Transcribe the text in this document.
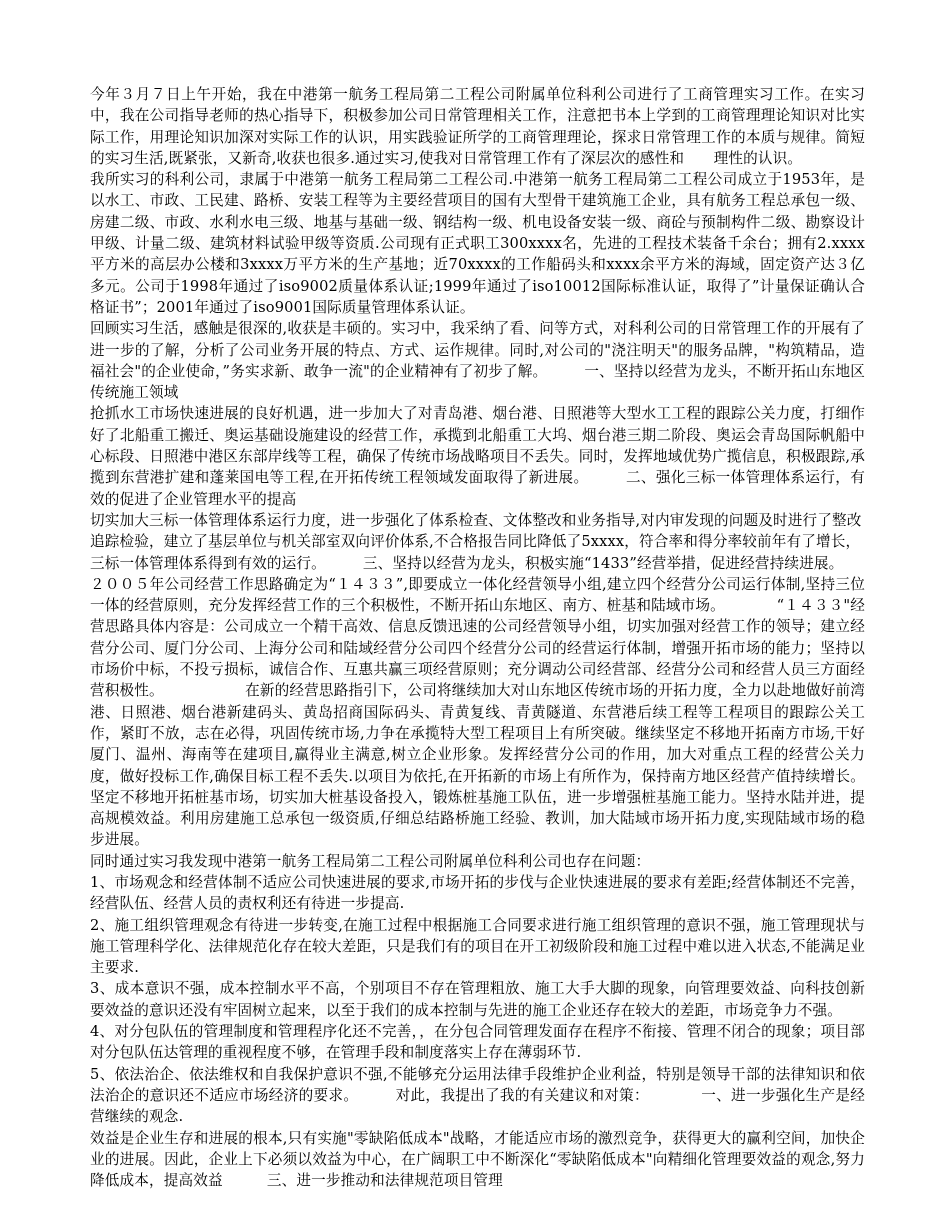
今年３月７日上午开始，我在中港第一航务工程局第二工程公司附属单位科利公司进行了工商管理实习工作。在实习中，我在公司指导老师的热心指导下，积极参加公司日常管理相关工作，注意把书本上学到的工商管理理论知识对比实际工作，用理论知识加深对实际工作的认识，用实践验证所学的工商管理理论，探求日常管理工作的本质与规律。简短的实习生活,既紧张，又新奇,收获也很多.通过实习,使我对日常管理工作有了深层次的感性和　　理性的认识。

我所实习的科利公司，隶属于中港第一航务工程局第二工程公司.中港第一航务工程局第二工程公司成立于1953年，是以水工、市政、工民建、路桥、安装工程等为主要经营项目的国有大型骨干建筑施工企业，具有航务工程总承包一级、房建二级、市政、水利水电三级、地基与基础一级、钢结构一级、机电设备安装一级、商砼与预制构件二级、勘察设计甲级、计量二级、建筑材料试验甲级等资质.公司现有正式职工300xxxx名，先进的工程技术装备千余台；拥有2.xxxx平方米的高层办公楼和3xxxx万平方米的生产基地；近70xxxx的工作船码头和xxxx余平方米的海域，固定资产达３亿多元。公司于1998年通过了iso9002质量体系认证;1999年通过了iso10012国际标准认证，取得了”计量保证确认合格证书”；2001年通过了iso9001国际质量管理体系认证。

回顾实习生活，感触是很深的,收获是丰硕的。实习中，我采纳了看、问等方式，对科利公司的日常管理工作的开展有了进一步的了解，分析了公司业务开展的特点、方式、运作规律。同时,对公司的"浇注明天"的服务品牌，"构筑精品，造福社会"的企业使命，”务实求新、敢争一流"的企业精神有了初步了解。　　　一、坚持以经营为龙头，不断开拓山东地区传统施工领域

抢抓水工市场快速进展的良好机遇，进一步加大了对青岛港、烟台港、日照港等大型水工工程的跟踪公关力度，打细作好了北船重工搬迁、奥运基础设施建设的经营工作，承揽到北船重工大坞、烟台港三期二阶段、奥运会青岛国际帆船中心标段、日照港中港区东部岸线等工程，确保了传统市场战略项目不丢失。同时，发挥地域优势广揽信息，积极跟踪,承揽到东营港扩建和蓬莱国电等工程,在开拓传统工程领域发面取得了新进展。　　　二、强化三标一体管理体系运行，有效的促进了企业管理水平的提高

切实加大三标一体管理体系运行力度，进一步强化了体系检查、文体整改和业务指导,对内审发现的问题及时进行了整改追踪检验，建立了基层单位与机关部室双向评价体系,不合格报告同比降低了5xxxx，符合率和得分率较前年有了增长，三标一体管理体系得到有效的运行。　　　三、坚持以经营为龙头，积极实施“1433”经营举措，促进经营持续进展。

２００５年公司经营工作思路确定为“１４３３”,即要成立一体化经营领导小组,建立四个经营分公司运行体制,坚持三位一体的经营原则，充分发挥经营工作的三个积极性，不断开拓山东地区、南方、桩基和陆域市场。　　　　“１４３３"经营思路具体内容是：公司成立一个精干高效、信息反馈迅速的公司经营领导小组，切实加强对经营工作的领导；建立经营分公司、厦门分公司、上海分公司和陆域经营分公司四个经营分公司的经营运行体制，增强开拓市场的能力；坚持以市场价中标，不投亏损标，诚信合作、互惠共赢三项经营原则；充分调动公司经营部、经营分公司和经营人员三方面经营积极性。　　　　　　在新的经营思路指引下，公司将继续加大对山东地区传统市场的开拓力度，全力以赴地做好前湾港、日照港、烟台港新建码头、黄岛招商国际码头、青黄复线、青黄隧道、东营港后续工程等工程项目的跟踪公关工作，紧盯不放，志在必得，巩固传统市场,力争在承揽特大型工程项目上有所突破。继续坚定不移地开拓南方市场,干好厦门、温州、海南等在建项目,赢得业主满意,树立企业形象。发挥经营分公司的作用，加大对重点工程的经营公关力度，做好投标工作,确保目标工程不丢失.以项目为依托,在开拓新的市场上有所作为，保持南方地区经营产值持续增长。坚定不移地开拓桩基市场，切实加大桩基设备投入，锻炼桩基施工队伍，进一步增强桩基施工能力。坚持水陆并进，提高规模效益。利用房建施工总承包一级资质,仔细总结路桥施工经验、教训，加大陆域市场开拓力度,实现陆域市场的稳步进展。

同时通过实习我发现中港第一航务工程局第二工程公司附属单位科利公司也存在问题：

1、市场观念和经营体制不适应公司快速进展的要求,市场开拓的步伐与企业快速进展的要求有差距;经营体制还不完善，经营队伍、经营人员的责权利还有待进一步提高.

2、施工组织管理观念有待进一步转变,在施工过程中根据施工合同要求进行施工组织管理的意识不强，施工管理现状与施工管理科学化、法律规范化存在较大差距，只是我们有的项目在开工初级阶段和施工过程中难以进入状态,不能满足业主要求.

3、成本意识不强，成本控制水平不高，个别项目不存在管理粗放、施工大手大脚的现象，向管理要效益、向科技创新要效益的意识还没有牢固树立起来，以至于我们的成本控制与先进的施工企业还存在较大的差距，市场竞争力不强。

4、对分包队伍的管理制度和管理程序化还不完善，，在分包合同管理发面存在程序不衔接、管理不闭合的现象；项目部对分包队伍达管理的重视程度不够，在管理手段和制度落实上存在薄弱环节.

5、依法治企、依法维权和自我保护意识不强,不能够充分运用法律手段维护企业利益，特别是领导干部的法律知识和依法治企的意识还不适应市场经济的要求。　　　对此，我提出了我的有关建议和对策：　　　　一、进一步强化生产是经营继续的观念.

效益是企业生存和进展的根本,只有实施"零缺陷低成本"战略，才能适应市场的激烈竞争，获得更大的赢利空间，加快企业的进展。因此，企业上下必须以效益为中心，在广阔职工中不断深化“零缺陷低成本"向精细化管理要效益的观念,努力降低成本，提高效益　　　三、进一步推动和法律规范项目管理
